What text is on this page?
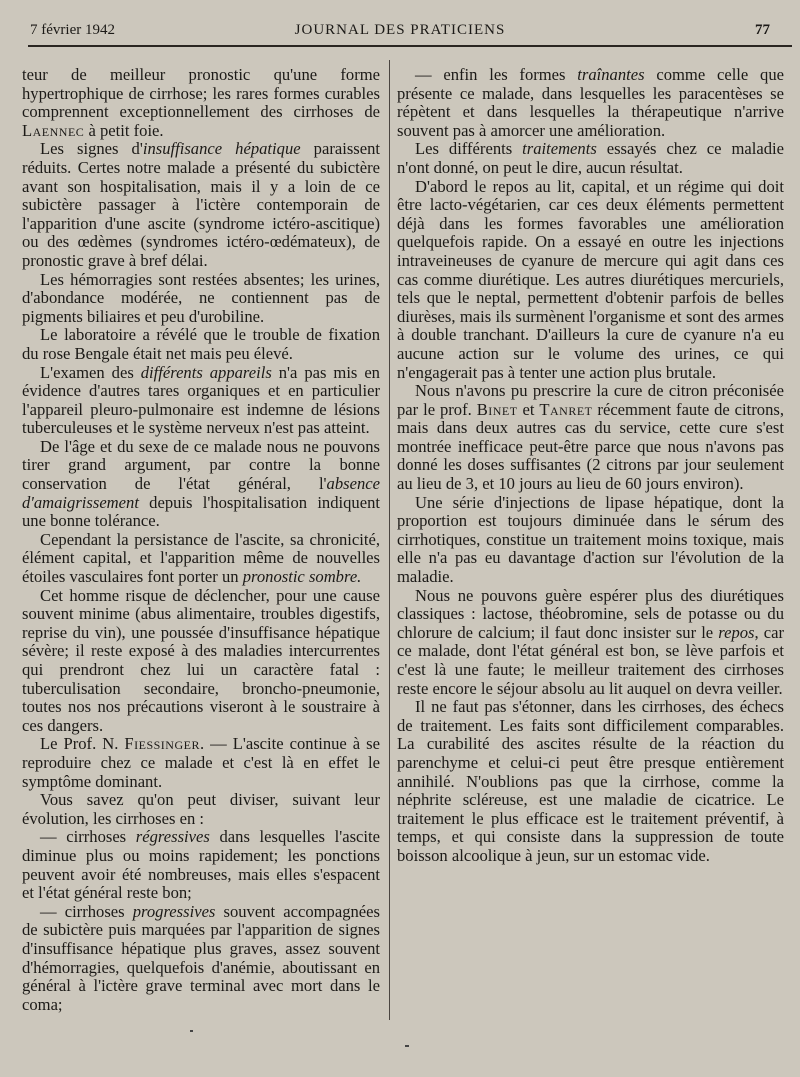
7 février 1942	JOURNAL DES PRATICIENS	77

teur de meilleur pronostic qu'une forme hypertrophique de cirrhose; les rares formes curables comprennent exceptionnellement des cirrhoses de Laennec à petit foie.

Les signes d'insuffisance hépatique paraissent réduits. Certes notre malade a présenté du subictère avant son hospitalisation, mais il y a loin de ce subictère passager à l'ictère contemporain de l'apparition d'une ascite (syndrome ictéro-ascitique) ou des œdèmes (syndromes ictéro-œdémateux), de pronostic grave à bref délai.

Les hémorragies sont restées absentes; les urines, d'abondance modérée, ne contiennent pas de pigments biliaires et peu d'urobiline.

Le laboratoire a révélé que le trouble de fixation du rose Bengale était net mais peu élevé.

L'examen des différents appareils n'a pas mis en évidence d'autres tares organiques et en particulier l'appareil pleuro-pulmonaire est indemne de lésions tuberculeuses et le système nerveux n'est pas atteint.

De l'âge et du sexe de ce malade nous ne pouvons tirer grand argument, par contre la bonne conservation de l'état général, l'absence d'amaigrissement depuis l'hospitalisation indiquent une bonne tolérance.

Cependant la persistance de l'ascite, sa chronicité, élément capital, et l'apparition même de nouvelles étoiles vasculaires font porter un pronostic sombre.

Cet homme risque de déclencher, pour une cause souvent minime (abus alimentaire, troubles digestifs, reprise du vin), une poussée d'insuffisance hépatique sévère; il reste exposé à des maladies intercurrentes qui prendront chez lui un caractère fatal : tuberculisation secondaire, broncho-pneumonie, toutes nos nos précautions viseront à le soustraire à ces dangers.

Le Prof. N. Fiessinger. — L'ascite continue à se reproduire chez ce malade et c'est là en effet le symptôme dominant.

Vous savez qu'on peut diviser, suivant leur évolution, les cirrhoses en :

— cirrhoses régressives dans lesquelles l'ascite diminue plus ou moins rapidement; les ponctions peuvent avoir été nombreuses, mais elles s'espacent et l'état général reste bon;

— cirrhoses progressives souvent accompagnées de subictère puis marquées par l'apparition de signes d'insuffisance hépatique plus graves, assez souvent d'hémorragies, quelquefois d'anémie, aboutissant en général à l'ictère grave terminal avec mort dans le coma;

— enfin les formes traînantes comme celle que présente ce malade, dans lesquelles les paracentèses se répètent et dans lesquelles la thérapeutique n'arrive souvent pas à amorcer une amélioration.

Les différents traitements essayés chez ce maladie n'ont donné, on peut le dire, aucun résultat.

D'abord le repos au lit, capital, et un régime qui doit être lacto-végétarien, car ces deux éléments permettent déjà dans les formes favorables une amélioration quelquefois rapide. On a essayé en outre les injections intraveineuses de cyanure de mercure qui agit dans ces cas comme diurétique. Les autres diurétiques mercuriels, tels que le neptal, permettent d'obtenir parfois de belles diurèses, mais ils surmènent l'organisme et sont des armes à double tranchant. D'ailleurs la cure de cyanure n'a eu aucune action sur le volume des urines, ce qui n'engagerait pas à tenter une action plus brutale.

Nous n'avons pu prescrire la cure de citron préconisée par le prof. Binet et Tanret récemment faute de citrons, mais dans deux autres cas du service, cette cure s'est montrée inefficace peut-être parce que nous n'avons pas donné les doses suffisantes (2 citrons par jour seulement au lieu de 3, et 10 jours au lieu de 60 jours environ).

Une série d'injections de lipase hépatique, dont la proportion est toujours diminuée dans le sérum des cirrhotiques, constitue un traitement moins toxique, mais elle n'a pas eu davantage d'action sur l'évolution de la maladie.

Nous ne pouvons guère espérer plus des diurétiques classiques : lactose, théobromine, sels de potasse ou du chlorure de calcium; il faut donc insister sur le repos, car ce malade, dont l'état général est bon, se lève parfois et c'est là une faute; le meilleur traitement des cirrhoses reste encore le séjour absolu au lit auquel on devra veiller.

Il ne faut pas s'étonner, dans les cirrhoses, des échecs de traitement. Les faits sont difficilement comparables. La curabilité des ascites résulte de la réaction du parenchyme et celui-ci peut être presque entièrement annihilé. N'oublions pas que la cirrhose, comme la néphrite scléreuse, est une maladie de cicatrice. Le traitement le plus efficace est le traitement préventif, à temps, et qui consiste dans la suppression de toute boisson alcoolique à jeun, sur un estomac vide.
